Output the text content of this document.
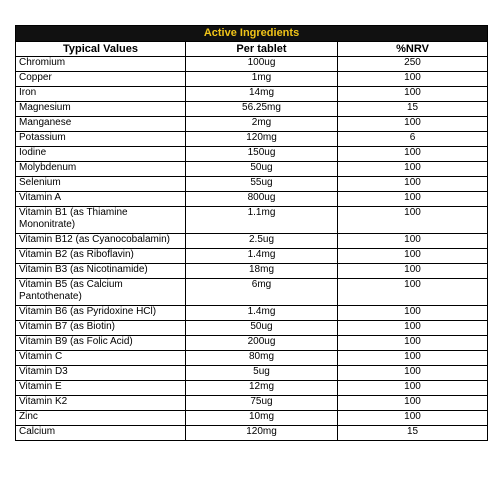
Active Ingredients		
Typical Values	Per tablet	%NRV
Chromium	100ug	250
Copper	1mg	100
Iron	14mg	100
Magnesium	56.25mg	15
Manganese	2mg	100
Potassium	120mg	6
Iodine	150ug	100
Molybdenum	50ug	100
Selenium	55ug	100
Vitamin A	800ug	100
Vitamin B1 (as Thiamine Mononitrate)	1.1mg	100
Vitamin B12 (as Cyanocobalamin)	2.5ug	100
Vitamin B2 (as Riboflavin)	1.4mg	100
Vitamin B3 (as Nicotinamide)	18mg	100
Vitamin B5 (as Calcium Pantothenate)	6mg	100
Vitamin B6 (as Pyridoxine HCl)	1.4mg	100
Vitamin B7 (as Biotin)	50ug	100
Vitamin B9 (as Folic Acid)	200ug	100
Vitamin C	80mg	100
Vitamin D3	5ug	100
Vitamin E	12mg	100
Vitamin K2	75ug	100
Zinc	10mg	100
Calcium	120mg	15
